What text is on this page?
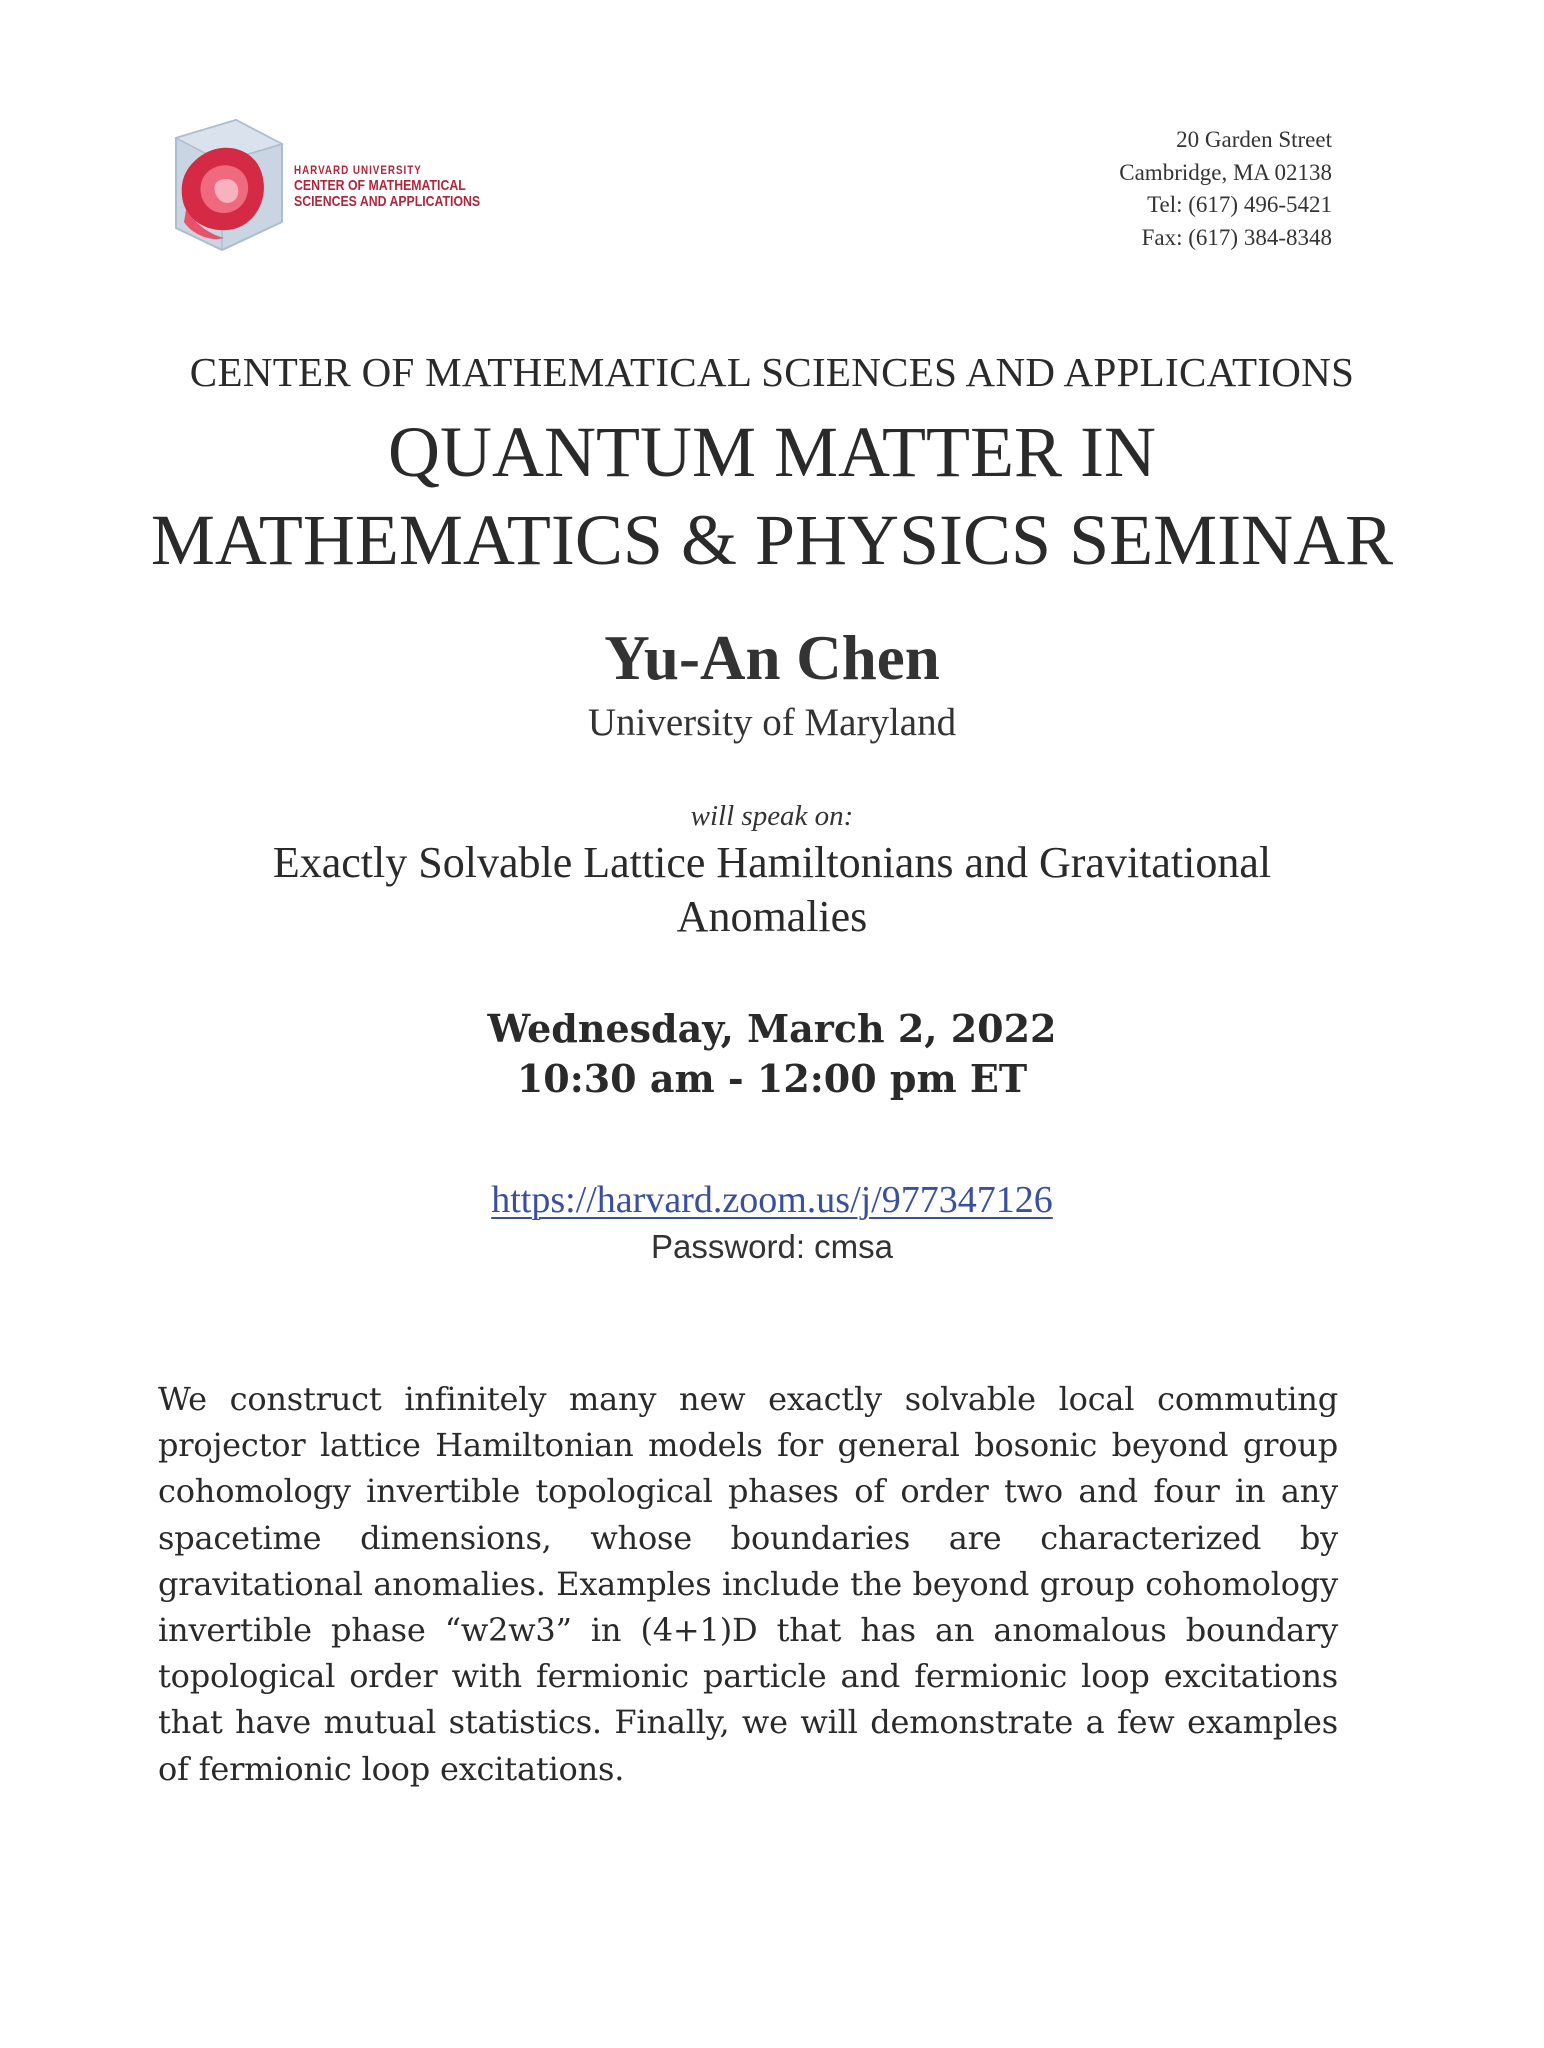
HARVARD UNIVERSITY
CENTER OF MATHEMATICAL
SCIENCES AND APPLICATIONS
20 Garden Street
Cambridge, MA 02138
Tel: (617) 496-5421
Fax: (617) 384-8348
CENTER OF MATHEMATICAL SCIENCES AND APPLICATIONS
QUANTUM MATTER IN
MATHEMATICS & PHYSICS SEMINAR
Yu-An Chen
University of Maryland
will speak on:
Exactly Solvable Lattice Hamiltonians and Gravitational Anomalies
Wednesday, March 2, 2022
10:30 am - 12:00 pm ET
https://harvard.zoom.us/j/977347126
Password: cmsa

We construct infinitely many new exactly solvable local commuting projector lattice Hamiltonian models for general bosonic beyond group cohomology invertible topological phases of order two and four in any spacetime dimensions, whose boundaries are characterized by gravitational anomalies. Examples include the beyond group cohomology invertible phase “w2w3” in (4+1)D that has an anomalous boundary topological order with fermionic particle and fermionic loop excitations that have mutual statistics. Finally, we will demonstrate a few examples of fermionic loop excitations.
